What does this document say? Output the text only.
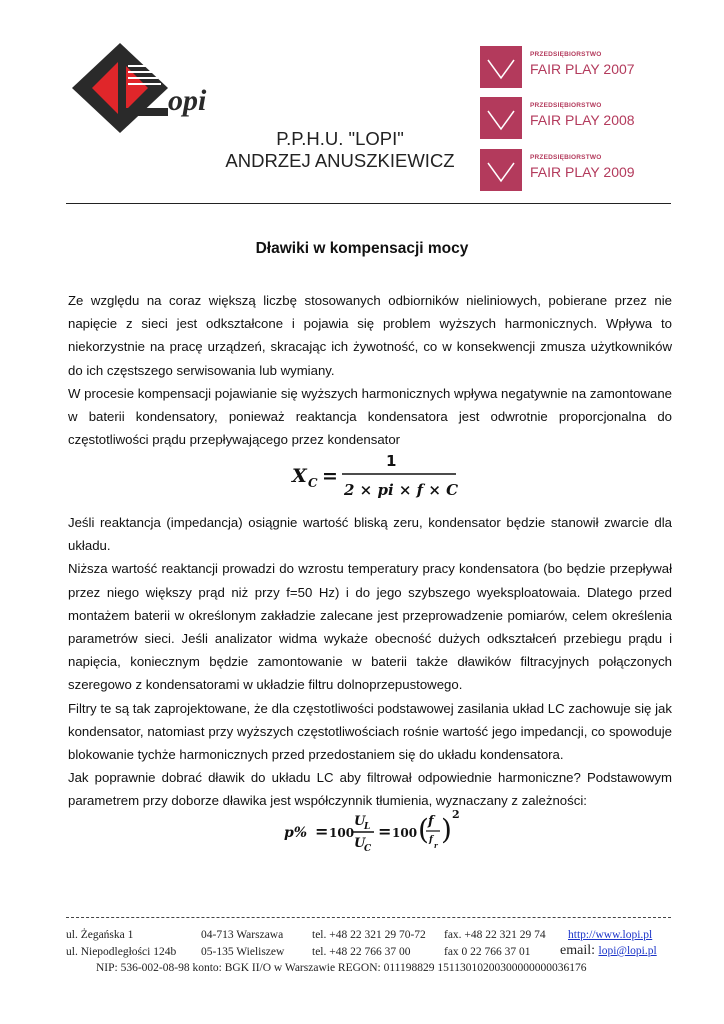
opi
P.P.H.U. "LOPI"
ANDRZEJ ANUSZKIEWICZ
PRZEDSIĘBIORSTWO
FAIR PLAY 2007
PRZEDSIĘBIORSTWO
FAIR PLAY 2008
PRZEDSIĘBIORSTWO
FAIR PLAY 2009
Dławiki w kompensacji mocy

Ze względu na coraz większą liczbę stosowanych odbiorników nieliniowych, pobierane przez nie napięcie z sieci jest odkształcone i pojawia się problem wyższych harmonicznych. Wpływa to niekorzystnie na pracę urządzeń, skracając ich żywotność, co w konsekwencji zmusza użytkowników do ich częstszego serwisowania lub wymiany.

W procesie kompensacji pojawianie się wyższych harmonicznych wpływa negatywnie na zamontowane w baterii kondensatory, ponieważ reaktancja kondensatora jest odwrotnie proporcjonalna do częstotliwości prądu przepływającego przez kondensator

X C =
1
2 × pi × f × C

Jeśli reaktancja (impedancja) osiągnie wartość bliską zeru, kondensator będzie stanowił zwarcie dla układu.

Niższa wartość reaktancji prowadzi do wzrostu temperatury pracy kondensatora (bo będzie przepływał przez niego większy prąd niż przy f=50 Hz) i do jego szybszego wyeksploatowaia. Dlatego przed montażem baterii w określonym zakładzie zalecane jest przeprowadzenie pomiarów, celem określenia parametrów sieci. Jeśli analizator widma wykaże obecność dużych odkształceń przebiegu prądu i napięcia, koniecznym będzie zamontowanie w baterii także dławików filtracyjnych połączonych szeregowo z kondensatorami w układzie filtru dolnoprzepustowego.

Filtry te są tak zaprojektowane, że dla częstotliwości podstawowej zasilania układ LC zachowuje się jak kondensator, natomiast przy wyższych częstotliwościach rośnie wartość jego impedancji, co spowoduje blokowanie tychże harmonicznych przed przedostaniem się do układu kondensatora.

Jak poprawnie dobrać dławik do układu LC aby filtrował odpowiednie harmoniczne? Podstawowym parametrem przy doborze dławika jest współczynnik tłumienia, wyznaczany z zależności:

p% = 100
U
L
U
C
= 100 ( f
f
r ) 2
ul. Żegańska 1	04-713 Warszawa	tel. +48 22 321 29 70-72 fax. +48 22 321 29 74 http://www.lopi.pl
ul. Niepodległości 124b 05-135 Wieliszew tel. +48 22 766 37 00	fax 0 22 766 37 01 email: lopi@lopi.pl
NIP: 536-002-08-98 konto: BGK II/O w Warszawie REGON: 011198829 15113010200300000000036176
